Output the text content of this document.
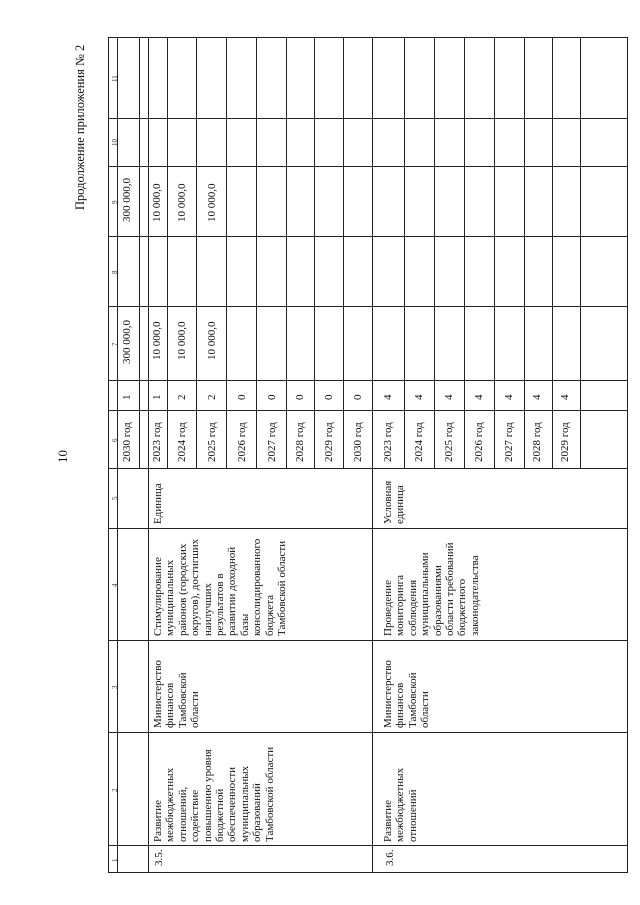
10
Продолжение приложения № 2
1
2
3
4
5
6
7
8
9
10
11
2030 год
1
300 000,0
300 000,0
3.5.
Развитие
межбюджетных
отношений,
содействие
повышению уровня
бюджетной
обеспеченности
муниципальных
образований
Тамбовской области
Министерство
финансов
Тамбовской
области
Стимулирование
муниципальных
районов (городских
округов), достигших
наилучших
результатов в
развитии доходной
базы
консолидированного
бюджета
Тамбовской области
Единица
2023 год
1
10 000,0
10 000,0
2024 год
2
10 000,0
10 000,0
2025 год
2
10 000,0
10 000,0
2026 год
0
2027 год
0
2028 год
0
2029 год
0
2030 год
0
3.6.
Развитие
межбюджетных
отношений
Министерство
финансов
Тамбовской
области
Проведение
мониторинга
соблюдения
муниципальными
образованиями
области требований
бюджетного
законодательства
Условная
единица
2023 год
4
2024 год
4
2025 год
4
2026 год
4
2027 год
4
2028 год
4
2029 год
4
